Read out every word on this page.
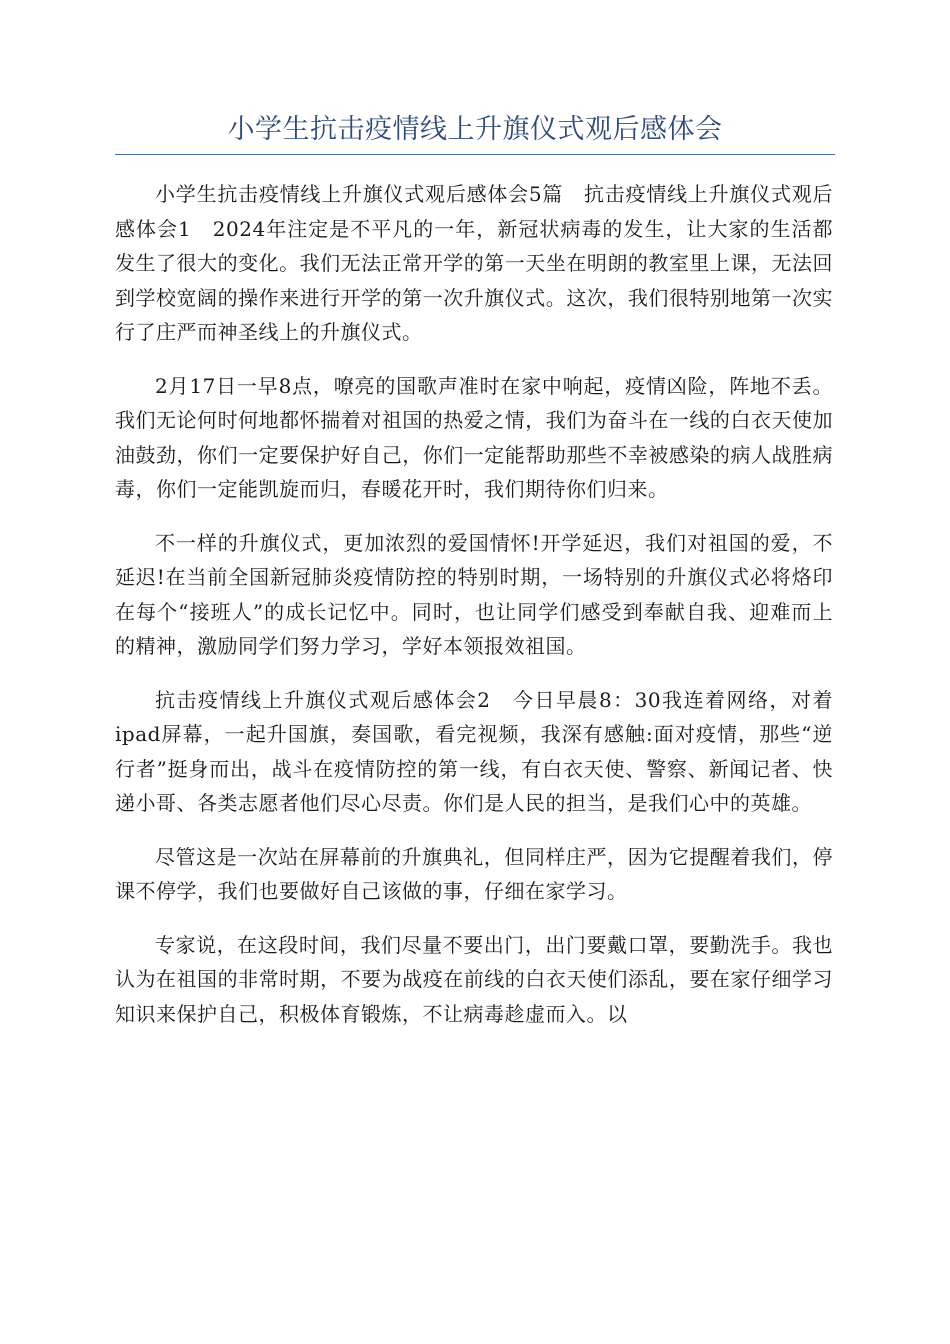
小学生抗击疫情线上升旗仪式观后感体会

小学生抗击疫情线上升旗仪式观后感体会5篇　抗击疫情线上升旗仪式观后感体会1　2024年注定是不平凡的一年，新冠状病毒的发生，让大家的生活都发生了很大的变化。我们无法正常开学的第一天坐在明朗的教室里上课，无法回到学校宽阔的操作来进行开学的第一次升旗仪式。这次，我们很特别地第一次实行了庄严而神圣线上的升旗仪式。

2月17日一早8点，嘹亮的国歌声准时在家中响起，疫情凶险，阵地不丢。我们无论何时何地都怀揣着对祖国的热爱之情，我们为奋斗在一线的白衣天使加油鼓劲，你们一定要保护好自己，你们一定能帮助那些不幸被感染的病人战胜病毒，你们一定能凯旋而归，春暖花开时，我们期待你们归来。

不一样的升旗仪式，更加浓烈的爱国情怀!开学延迟，我们对祖国的爱，不延迟!在当前全国新冠肺炎疫情防控的特别时期，一场特别的升旗仪式必将烙印在每个“接班人”的成长记忆中。同时，也让同学们感受到奉献自我、迎难而上的精神，激励同学们努力学习，学好本领报效祖国。

抗击疫情线上升旗仪式观后感体会2　今日早晨8：30我连着网络，对着ipad屏幕，一起升国旗，奏国歌，看完视频，我深有感触:面对疫情，那些“逆行者”挺身而出，战斗在疫情防控的第一线，有白衣天使、警察、新闻记者、快递小哥、各类志愿者他们尽心尽责。你们是人民的担当，是我们心中的英雄。

尽管这是一次站在屏幕前的升旗典礼，但同样庄严，因为它提醒着我们，停课不停学，我们也要做好自己该做的事，仔细在家学习。

专家说，在这段时间，我们尽量不要出门，出门要戴口罩，要勤洗手。我也认为在祖国的非常时期，不要为战疫在前线的白衣天使们添乱，要在家仔细学习知识来保护自己，积极体育锻炼，不让病毒趁虚而入。以
